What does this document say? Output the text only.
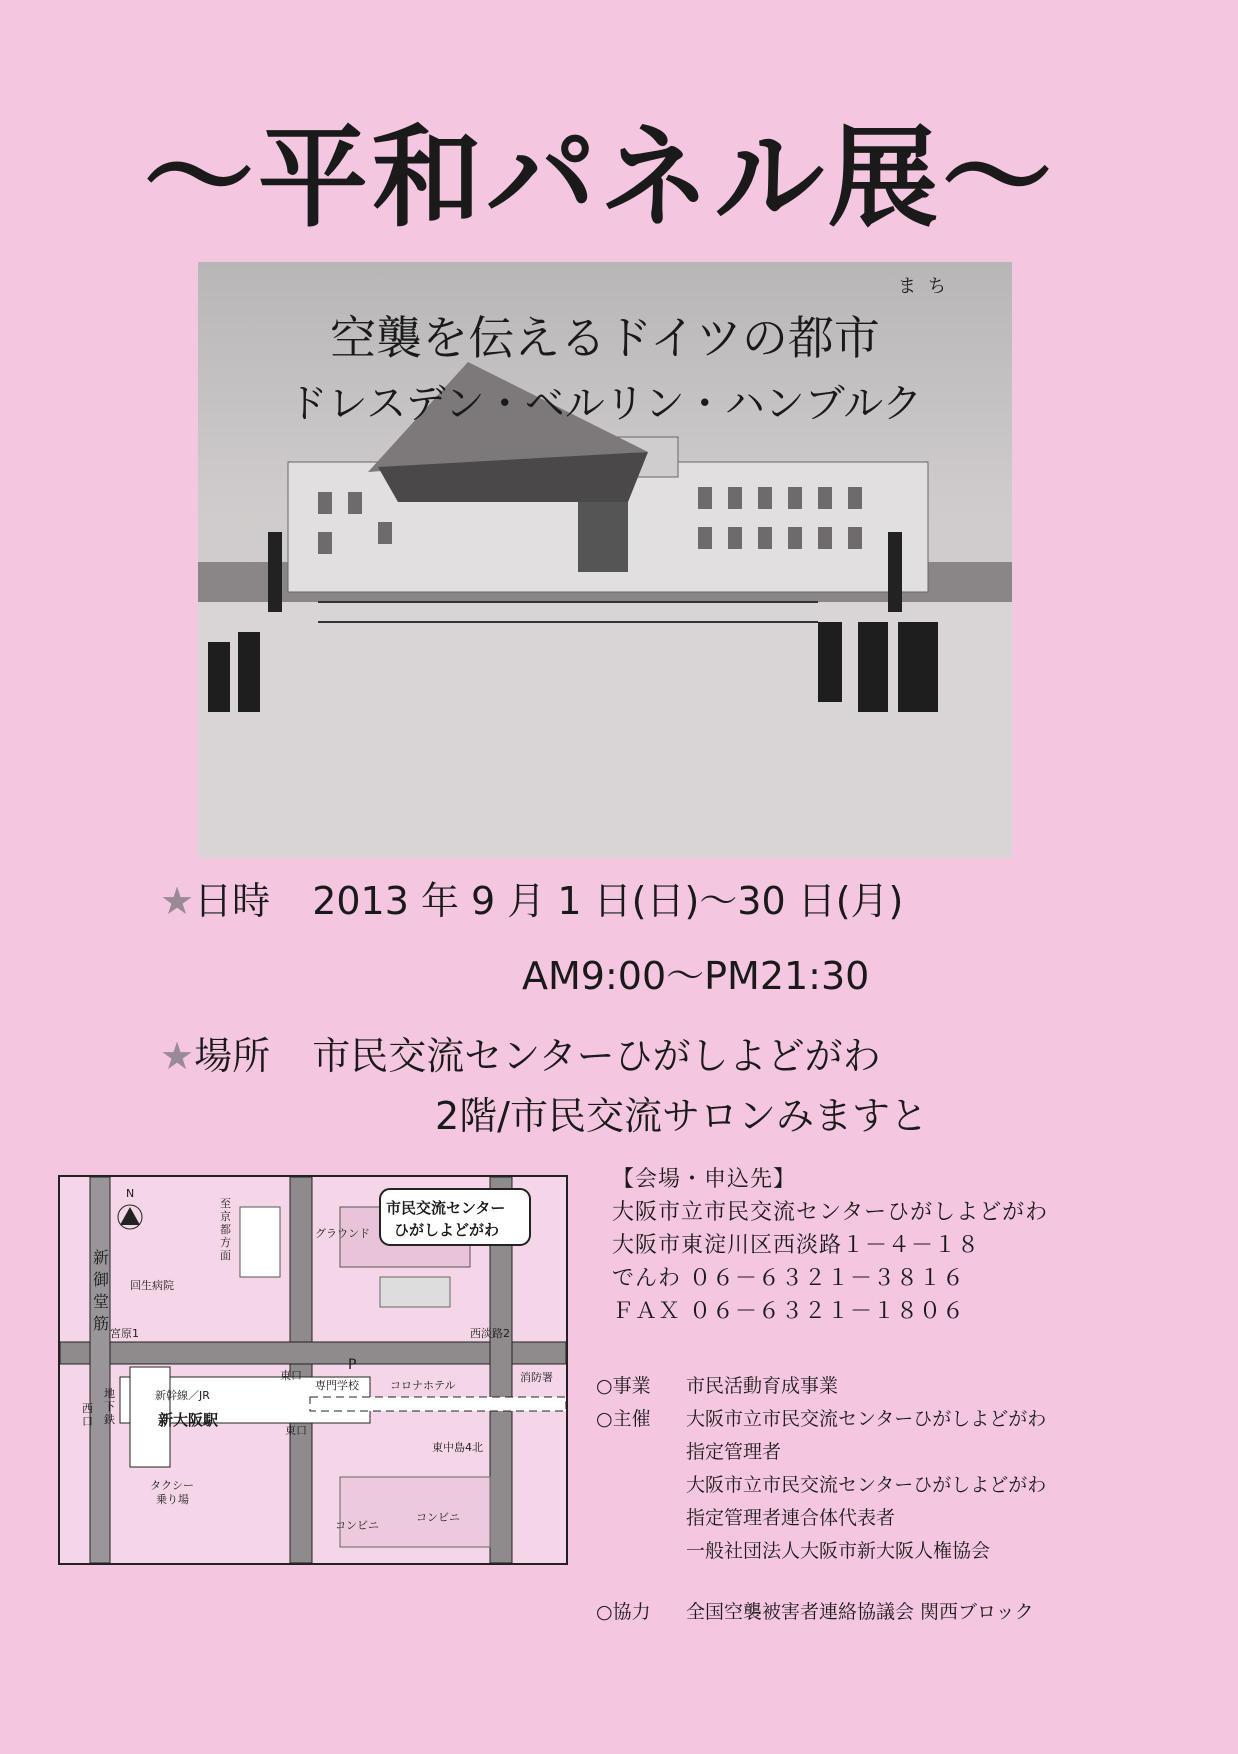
～平和パネル展～
まち
空襲を伝えるドイツの都市
ドレスデン・ベルリン・ハンブルク
★日時 2013 年 9 月 1 日(日)～30 日(月)
AM9:00～PM21:30
★場所 市民交流センターひがしよどがわ
2階/市民交流サロンみますと
市民交流センター
ひがしよどがわ
N
新御堂筋
至京都方面
回生病院
グラウンド
宮原1	西淡路2
消防署
専門学校	コロナホテル
P
東口
東口
西口
地下鉄
新幹線／JR
新大阪駅
タクシー
乗り場
東中島4北
コンビニ
コンビニ
【会場・申込先】
大阪市立市民交流センターひがしよどがわ
大阪市東淀川区西淡路１－４－１８
でんわ ０６－６３２１－３８１６
ＦＡＸ ０６－６３２１－１８０６
○事業	市民活動育成事業
○主催	大阪市立市民交流センターひがしよどがわ
指定管理者
大阪市立市民交流センターひがしよどがわ
指定管理者連合体代表者
一般社団法人大阪市新大阪人権協会
○協力	全国空襲被害者連絡協議会 関西ブロック
